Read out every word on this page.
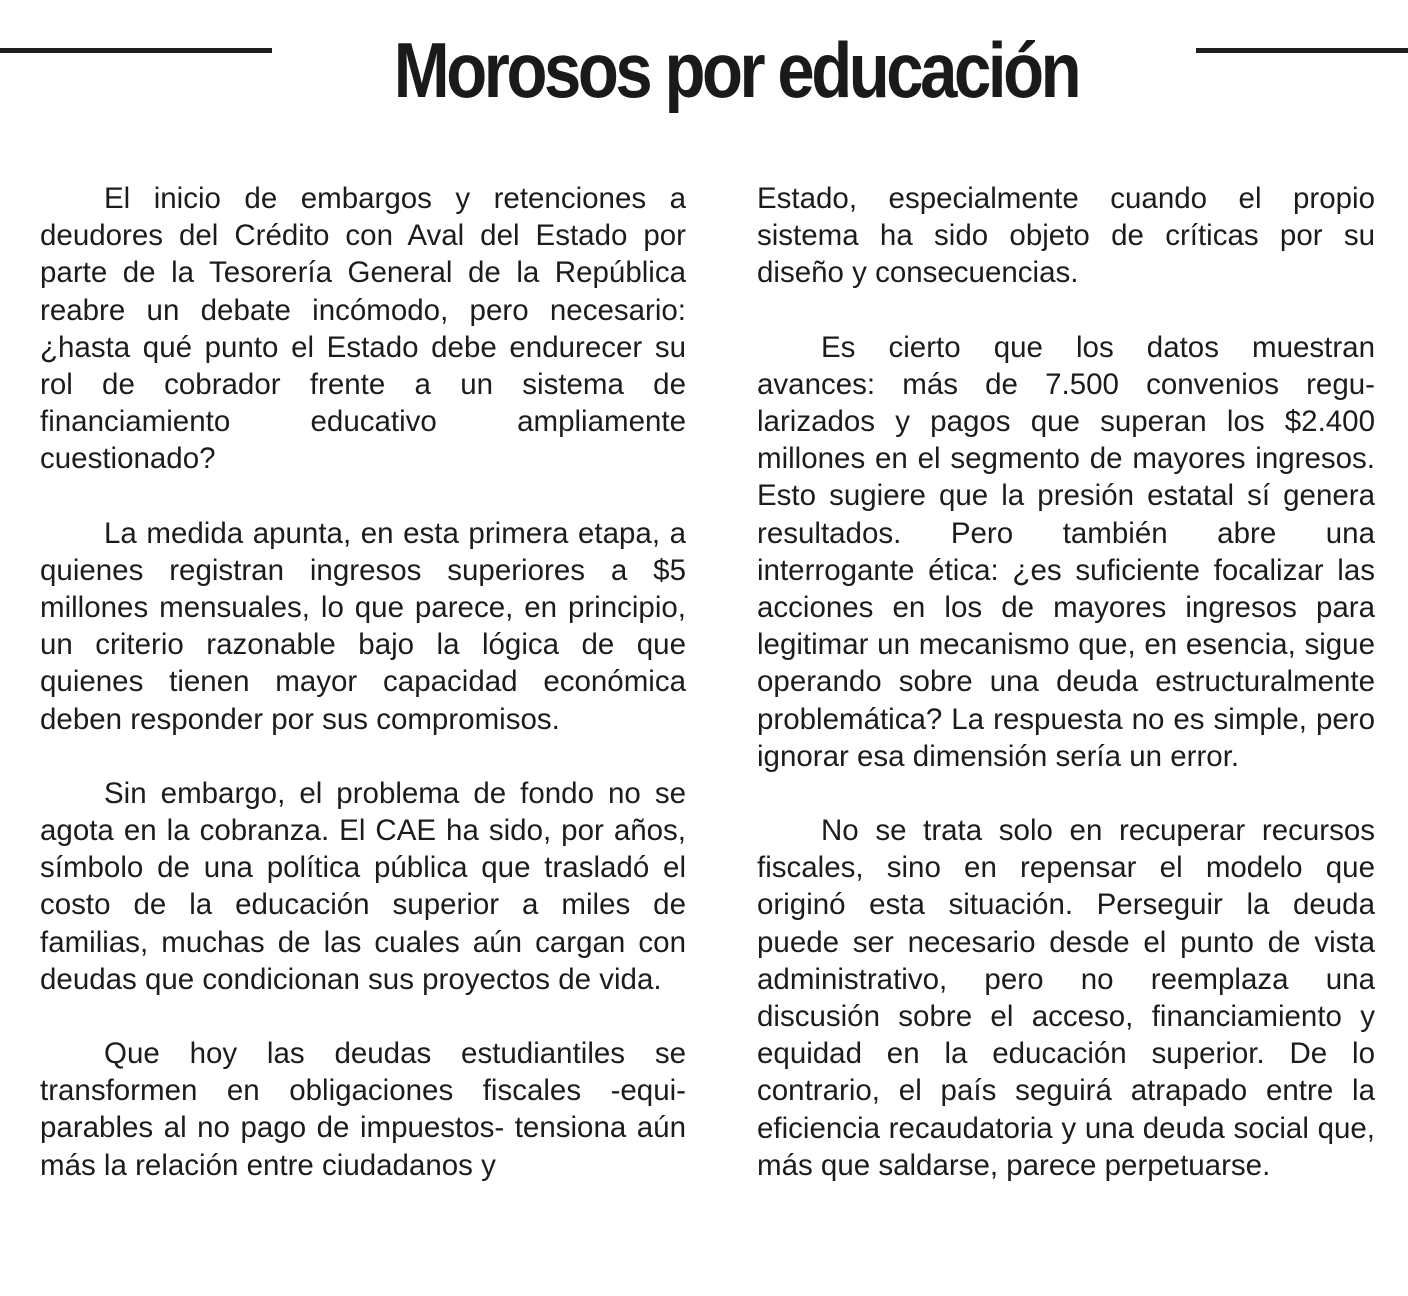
Morosos por educación

El inicio de embargos y retenciones a deudores del Crédito con Aval del Estado por parte de la Tesorería General de la República reabre un debate incómodo, pero necesario: ¿hasta qué punto el Estado debe endurecer su rol de cobrador frente a un sistema de financiamiento educativo ampliamente cuestionado?

La medida apunta, en esta primera etapa, a quienes registran ingresos superiores a $5 millones mensuales, lo que parece, en principio, un criterio razonable bajo la lógica de que quienes tienen mayor capacidad económica deben responder por sus compromisos.

Sin embargo, el problema de fondo no se agota en la cobranza. El CAE ha sido, por años, símbolo de una política pública que trasladó el costo de la educación superior a miles de familias, muchas de las cuales aún cargan con deudas que condicionan sus proyectos de vida.

Que hoy las deudas estudiantiles se transformen en obligaciones fiscales -equiparables al no pago de impuestos- tensiona aún más la relación entre ciudadanos y

Estado, especialmente cuando el propio sistema ha sido objeto de críticas por su diseño y consecuencias.

Es cierto que los datos muestran avances: más de 7.500 convenios regularizados y pagos que superan los $2.400 millones en el segmento de mayores ingresos. Esto sugiere que la presión estatal sí genera resultados. Pero también abre una interrogante ética: ¿es suficiente focalizar las acciones en los de mayores ingresos para legitimar un mecanismo que, en esencia, sigue operando sobre una deuda estructuralmente problemática? La respuesta no es simple, pero ignorar esa dimensión sería un error.

No se trata solo en recuperar recursos fiscales, sino en repensar el modelo que originó esta situación. Perseguir la deuda puede ser necesario desde el punto de vista administrativo, pero no reemplaza una discusión sobre el acceso, financiamiento y equidad en la educación superior. De lo contrario, el país seguirá atrapado entre la eficiencia recaudatoria y una deuda social que, más que saldarse, parece perpetuarse.
